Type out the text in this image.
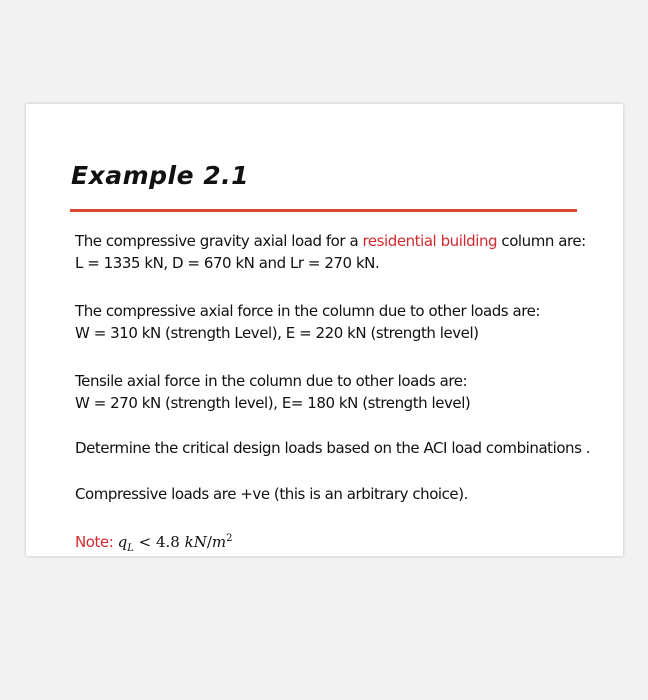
Example 2.1

The compressive gravity axial load for a residential building column are:
L = 1335 kN, D = 670 kN and Lr = 270 kN.

The compressive axial force in the column due to other loads are:
W = 310 kN (strength Level), E = 220 kN (strength level)

Tensile axial force in the column due to other loads are:
W = 270 kN (strength level), E= 180 kN (strength level)

Determine the critical design loads based on the ACI load combinations .

Compressive loads are +ve (this is an arbitrary choice).

Note: $q_L < 4.8$ $kN/m^2$
